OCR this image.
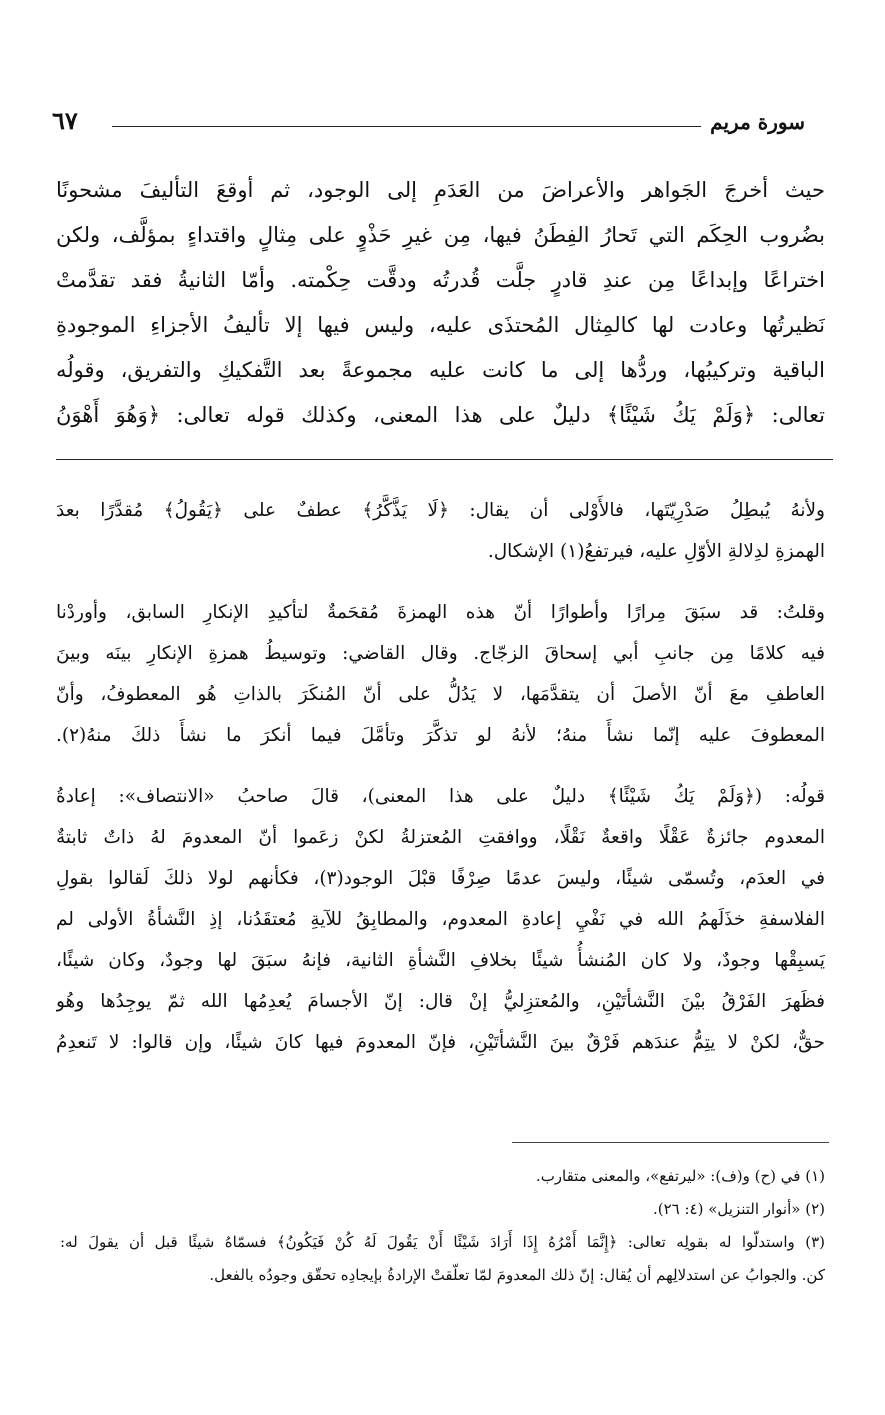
سورة مريم
٦٧
حيث أخرجَ الجَواهر والأعراضَ من العَدَمِ إلى الوجود، ثم أوقعَ التأليفَ مشحونًا
بضُروب الحِكَم التي تَحارُ الفِطَنُ فيها، مِن غيرِ حَذْوٍ على مِثالٍ واقتداءٍ بمؤلَّف، ولكن
اختراعًا وإبداعًا مِن عندِ قادرٍ جلَّت قُدرتُه ودقَّت حِكْمته. وأمّا الثانيةُ فقد تقدَّمتْ
نَظيرتُها وعادت لها كالمِثال المُحتذَى عليه، وليس فيها إلا تأليفُ الأجزاءِ الموجودةِ
الباقية وتركيبُها، وردُّها إلى ما كانت عليه مجموعةً بعد التَّفكيكِ والتفريق، وقولُه
تعالى: ﴿وَلَمْ يَكُ شَيْئًا﴾ دليلٌ على هذا المعنى، وكذلك قوله تعالى: ﴿وَهُوَ أَهْوَنُ
ولأنهُ يُبطِلُ صَدْرِيّتَها، فالأَوْلى أن يقال: ﴿لَا يَذَّكَّرُ﴾ عطفٌ على ﴿يَقُولُ﴾ مُقدَّرًا بعدَ
الهمزةِ لدِلالةِ الأوّلِ عليه، فيرتفعُ(١) الإشكال.
وقلتُ: قد سبَقَ مِرارًا وأطوارًا أنّ هذه الهمزةَ مُقحَمةٌ لتأكيدِ الإنكارِ السابق، وأوردْنا
فيه كلامًا مِن جانبِ أبي إسحاقَ الزجّاج. وقال القاضي: وتوسيطُ همزةِ الإنكارِ بينَه وبينَ
العاطفِ معَ أنّ الأصلَ أن يتقدَّمَها، لا يَدُلُّ على أنّ المُنكَرَ بالذاتِ هُو المعطوفُ، وأنّ
المعطوفَ عليه إنّما نشأَ منهُ؛ لأنهُ لو تذكَّرَ وتأمَّلَ فيما أنكرَ ما نشأَ ذلكَ منهُ(٢).
قولُه: (﴿وَلَمْ يَكُ شَيْئًا﴾ دليلٌ على هذا المعنى)، قالَ صاحبُ «الانتصاف»: إعادةُ
المعدوم جائزةٌ عَقْلًا واقعةٌ نَقْلًا، ووافقتِ المُعتزلةُ لكنْ زعَموا أنّ المعدومَ لهُ ذاتٌ ثابتةٌ
في العدَم، وتُسمّى شيئًا، وليسَ عدمًا صِرْفًا قبْلَ الوجود(٣)، فكأنهم لولا ذلكَ لَقالوا بقولِ
الفلاسفةِ خذَلَهمُ الله في نَفْيِ إعادةِ المعدوم، والمطابِقُ للآيةِ مُعتقَدُنا، إذِ النَّشأةُ الأولى لم
يَسبِقْها وجودٌ، ولا كان المُنشأُ شيئًا بخلافِ النَّشأةِ الثانية، فإنهُ سبَقَ لها وجودٌ، وكان شيئًا،
فظَهرَ الفَرْقُ بيْنَ النَّشأتَيْنِ، والمُعتزِليُّ إنْ قال: إنّ الأجسامَ يُعدِمُها الله ثمّ يوجِدُها وهُو
حقٌّ، لكنْ لا يتِمُّ عندَهم فَرْقٌ بينَ النَّشأتَيْنِ، فإنّ المعدومَ فيها كانَ شيئًا، وإن قالوا: لا تَنعدِمُ
(١) في (ح) و(ف): «ليرتفع»، والمعنى متقارب.
(٢) «أنوار التنزيل» (٤: ٢٦).
(٣) واستدلّوا له بقولِه تعالى: ﴿إِنَّمَا أَمْرُهُ إِذَا أَرَادَ شَيْئًا أَنْ يَقُولَ لَهُ كُنْ فَيَكُونُ﴾ فسمّاهُ شيئًا قبل أن يقولَ له:
كن. والجوابُ عن استدلالِهم أن يُقال: إنّ ذلك المعدومَ لمّا تعلّقتْ الإرادةُ بإيجادِه تحقّق وجودُه بالفعل.
